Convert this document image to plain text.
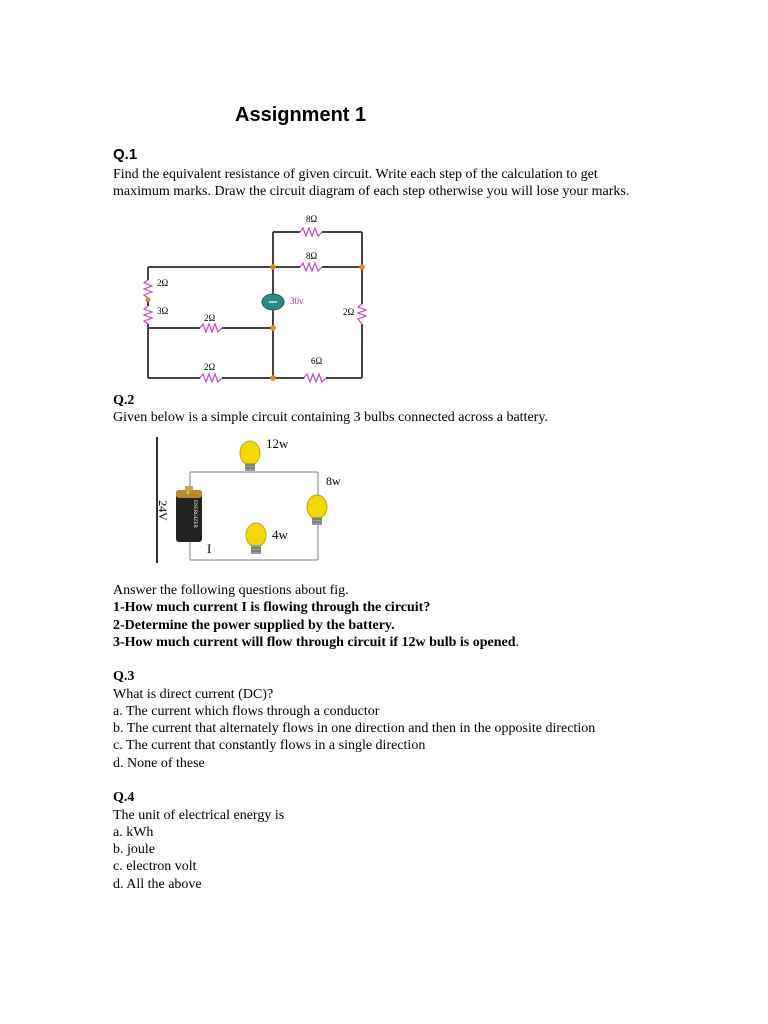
Assignment 1
Q.1
Find the equivalent resistance of given circuit. Write each step of the calculation to get
maximum marks. Draw the circuit diagram of each step otherwise you will lose your marks.
8Ω
8Ω
2Ω
3Ω
2Ω
2Ω
6Ω
2Ω
30v
Q.2
Given below is a simple circuit containing 3 bulbs connected across a battery.
+
ENERGIZER
12w
8w
4w
I
24V
Answer the following questions about fig.
1-How much current I is flowing through the circuit?
2-Determine the power supplied by the battery.
3-How much current will flow through circuit if 12w bulb is opened.
Q.3
What is direct current (DC)?
a. The current which flows through a conductor
b. The current that alternately flows in one direction and then in the opposite direction
c. The current that constantly flows in a single direction
d. None of these
Q.4
The unit of electrical energy is
a. kWh
b. joule
c. electron volt
d. All the above
